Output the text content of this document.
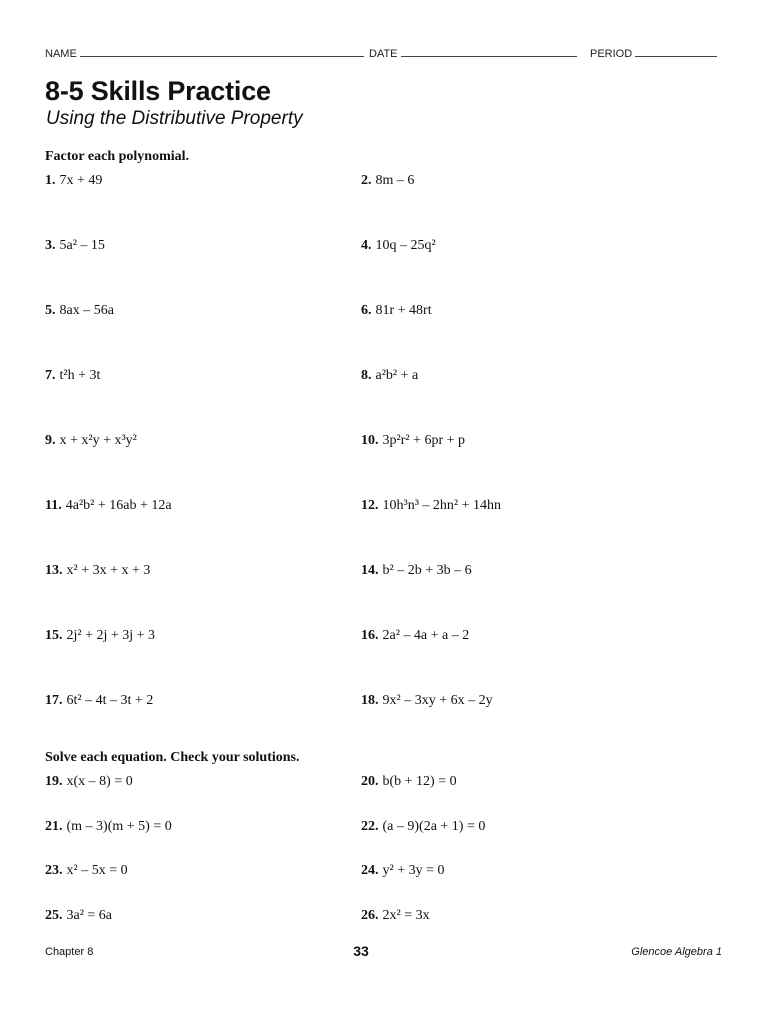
NAME	DATE	PERIOD
8-5 Skills Practice
Using the Distributive Property
Factor each polynomial.
1. 7x + 49	2. 8m – 6
3. 5a² – 15	4. 10q – 25q²
5. 8ax – 56a	6. 81r + 48rt
7. t²h + 3t	8. a²b² + a
9. x + x²y + x³y²	10. 3p²r² + 6pr + p
11. 4a²b² + 16ab + 12a	12. 10h³n³ – 2hn² + 14hn
13. x² + 3x + x + 3	14. b² – 2b + 3b – 6
15. 2j² + 2j + 3j + 3	16. 2a² – 4a + a – 2
17. 6t² – 4t – 3t + 2	18. 9x² – 3xy + 6x – 2y
Solve each equation. Check your solutions.
19. x(x – 8) = 0	20. b(b + 12) = 0
21. (m – 3)(m + 5) = 0	22. (a – 9)(2a + 1) = 0
23. x² – 5x = 0	24. y² + 3y = 0
25. 3a² = 6a	26. 2x² = 3x
Chapter 8	33	Glencoe Algebra 1
